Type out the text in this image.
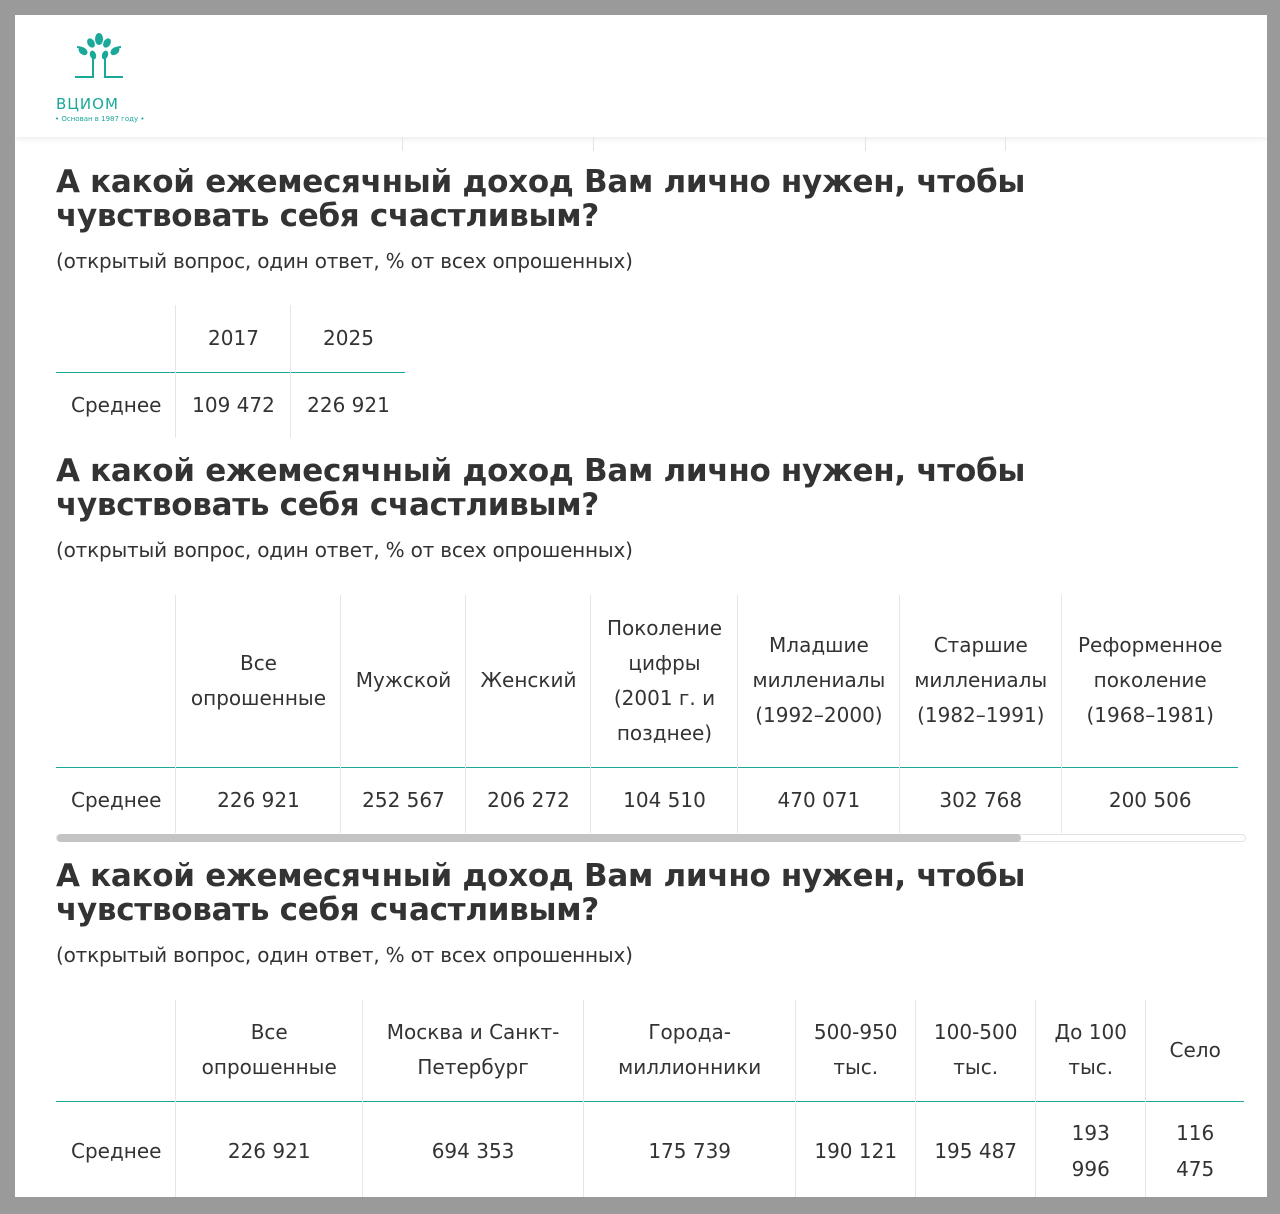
ВЦИОМ
• Основан в 1987 году •
А какой ежемесячный доход Вам лично нужен, чтобы чувствовать себя счастливым?
(открытый вопрос, один ответ, % от всех опрошенных)
	2017	2025
Среднее	109 472	226 921
А какой ежемесячный доход Вам лично нужен, чтобы чувствовать себя счастливым?
(открытый вопрос, один ответ, % от всех опрошенных)
	Все опрошенные	Мужской	Женский	Поколение цифры (2001 г. и позднее)	Младшие миллениалы (1992–2000)	Старшие миллениалы (1982–1991)	Реформенное поколение (1968–1981)
Среднее	226 921	252 567	206 272	104 510	470 071	302 768	200 506
А какой ежемесячный доход Вам лично нужен, чтобы чувствовать себя счастливым?
(открытый вопрос, один ответ, % от всех опрошенных)
	Все опрошенные	Москва и Санкт-Петербург	Города-миллионники	500-950 тыс.	100-500 тыс.	До 100 тыс.	Село
Среднее	226 921	694 353	175 739	190 121	195 487	193 996	116 475
